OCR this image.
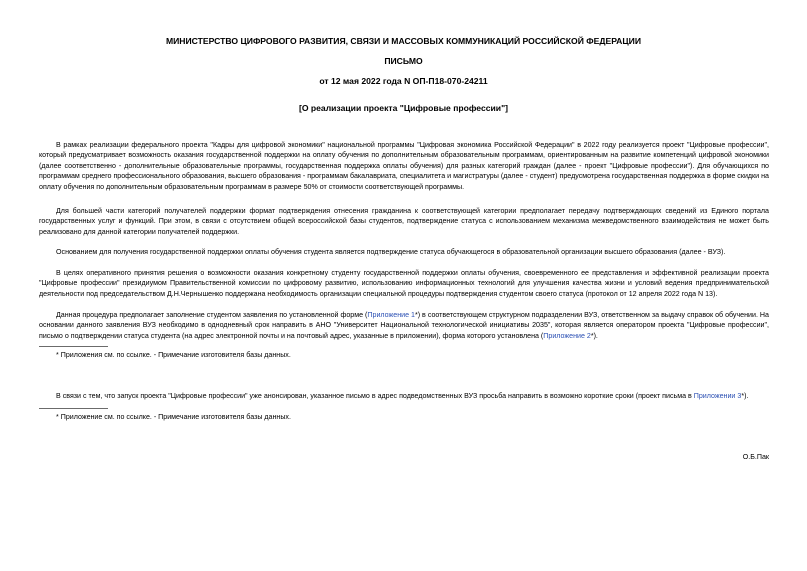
МИНИСТЕРСТВО ЦИФРОВОГО РАЗВИТИЯ, СВЯЗИ И МАССОВЫХ КОММУНИКАЦИЙ РОССИЙСКОЙ ФЕДЕРАЦИИ
ПИСЬМО
от 12 мая 2022 года N ОП-П18-070-24211
[О реализации проекта "Цифровые профессии"]

В рамках реализации федерального проекта "Кадры для цифровой экономики" национальной программы "Цифровая экономика Российской Федерации" в 2022 году реализуется проект "Цифровые профессии", который предусматривает возможность оказания государственной поддержки на оплату обучения по дополнительным образовательным программам, ориентированным на развитие компетенций цифровой экономики (далее соответственно - дополнительные образовательные программы, государственная поддержка оплаты обучения) для разных категорий граждан (далее - проект "Цифровые профессии"). Для обучающихся по программам среднего профессионального образования, высшего образования - программам бакалавриата, специалитета и магистратуры (далее - студент) предусмотрена государственная поддержка в форме скидки на оплату обучения по дополнительным образовательным программам в размере 50% от стоимости соответствующей программы.

Для большей части категорий получателей поддержки формат подтверждения отнесения гражданина к соответствующей категории предполагает передачу подтверждающих сведений из Единого портала государственных услуг и функций. При этом, в связи с отсутствием общей всероссийской базы студентов, подтверждение статуса с использованием механизма межведомственного взаимодействия не может быть реализовано для данной категории получателей поддержки.

Основанием для получения государственной поддержки оплаты обучения студента является подтверждение статуса обучающегося в образовательной организации высшего образования (далее - ВУЗ).

В целях оперативного принятия решения о возможности оказания конкретному студенту государственной поддержки оплаты обучения, своевременного ее представления и эффективной реализации проекта "Цифровые профессии" президиумом Правительственной комиссии по цифровому развитию, использованию информационных технологий для улучшения качества жизни и условий ведения предпринимательской деятельности под председательством Д.Н.Чернышенко поддержана необходимость организации специальной процедуры подтверждения студентом своего статуса (протокол от 12 апреля 2022 года N 13).

Данная процедура предполагает заполнение студентом заявления по установленной форме (Приложение 1*) в соответствующем структурном подразделении ВУЗ, ответственном за выдачу справок об обучении. На основании данного заявления ВУЗ необходимо в однодневный срок направить в АНО "Университет Национальной технологической инициативы 2035", которая является оператором проекта "Цифровые профессии", письмо о подтверждении статуса студента (на адрес электронной почты и на почтовый адрес, указанные в приложении), форма которого установлена (Приложение 2*).

* Приложения см. по ссылке. - Примечание изготовителя базы данных.

В связи с тем, что запуск проекта "Цифровые профессии" уже анонсирован, указанное письмо в адрес подведомственных ВУЗ просьба направить в возможно короткие сроки (проект письма в Приложении 3*).

* Приложение см. по ссылке. - Примечание изготовителя базы данных.
О.Б.Пак
